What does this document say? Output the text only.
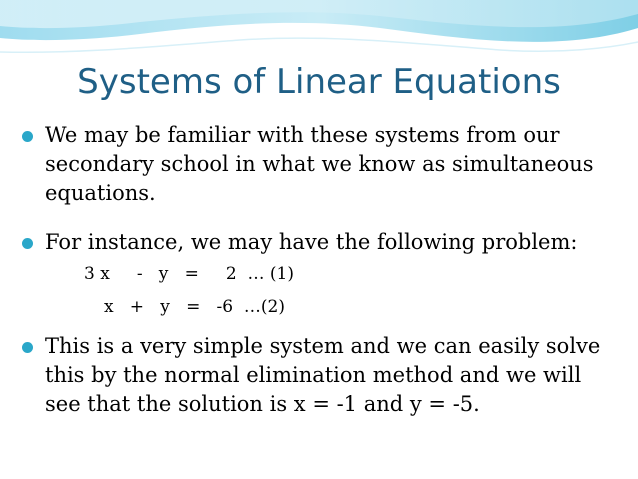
Systems of Linear Equations
We may be familiar with these systems from our secondary school in what we know as simultaneous equations.
For instance, we may have the following problem:
3 x     -   y   =     2  … (1)
x   +   y   =   -6  …(2)
This is a very simple system and we can easily solve this by the normal elimination method and we will see that the solution is x = -1 and y = -5.
